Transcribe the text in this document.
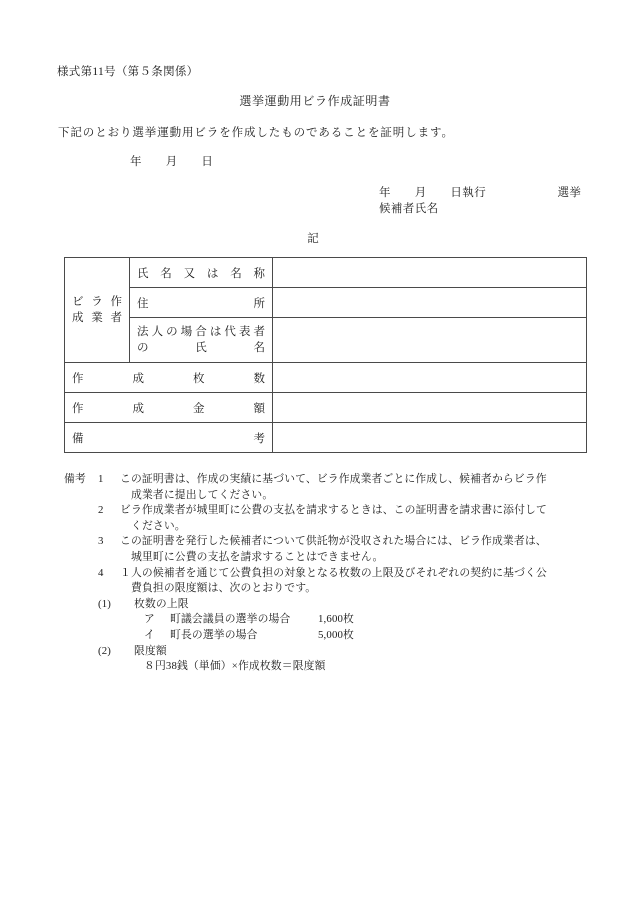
様式第11号（第５条関係）
選挙運動用ビラ作成証明書
下記のとおり選挙運動用ビラを作成したものであることを証明します。
年　　月　　日
年　　月　　日執行　　　　　　選挙
候補者氏名
記
ビ ラ 作
成 業 者

氏 名 又 は 名 称

	住 所	

法 人 の 場 合 は 代 表 者
の	氏	名

作 成 枚 数		

作 成 金 額		

備 考		

備考	1	この証明書は、作成の実績に基づいて、ビラ作成業者ごとに作成し、候補者からビラ作
成業者に提出してください。
2	ビラ作成業者が城里町に公費の支払を請求するときは、この証明書を請求書に添付して
ください。
3	この証明書を発行した候補者について供託物が没収された場合には、ビラ作成業者は、
城里町に公費の支払を請求することはできません。
4	１人の候補者を通じて公費負担の対象となる枚数の上限及びそれぞれの契約に基づく公
費負担の限度額は、次のとおりです。
(1)	枚数の上限
ア	町議会議員の選挙の場合	1,600枚
イ	町長の選挙の場合	5,000枚
(2)	限度額
８円38銭（単価）×作成枚数＝限度額
